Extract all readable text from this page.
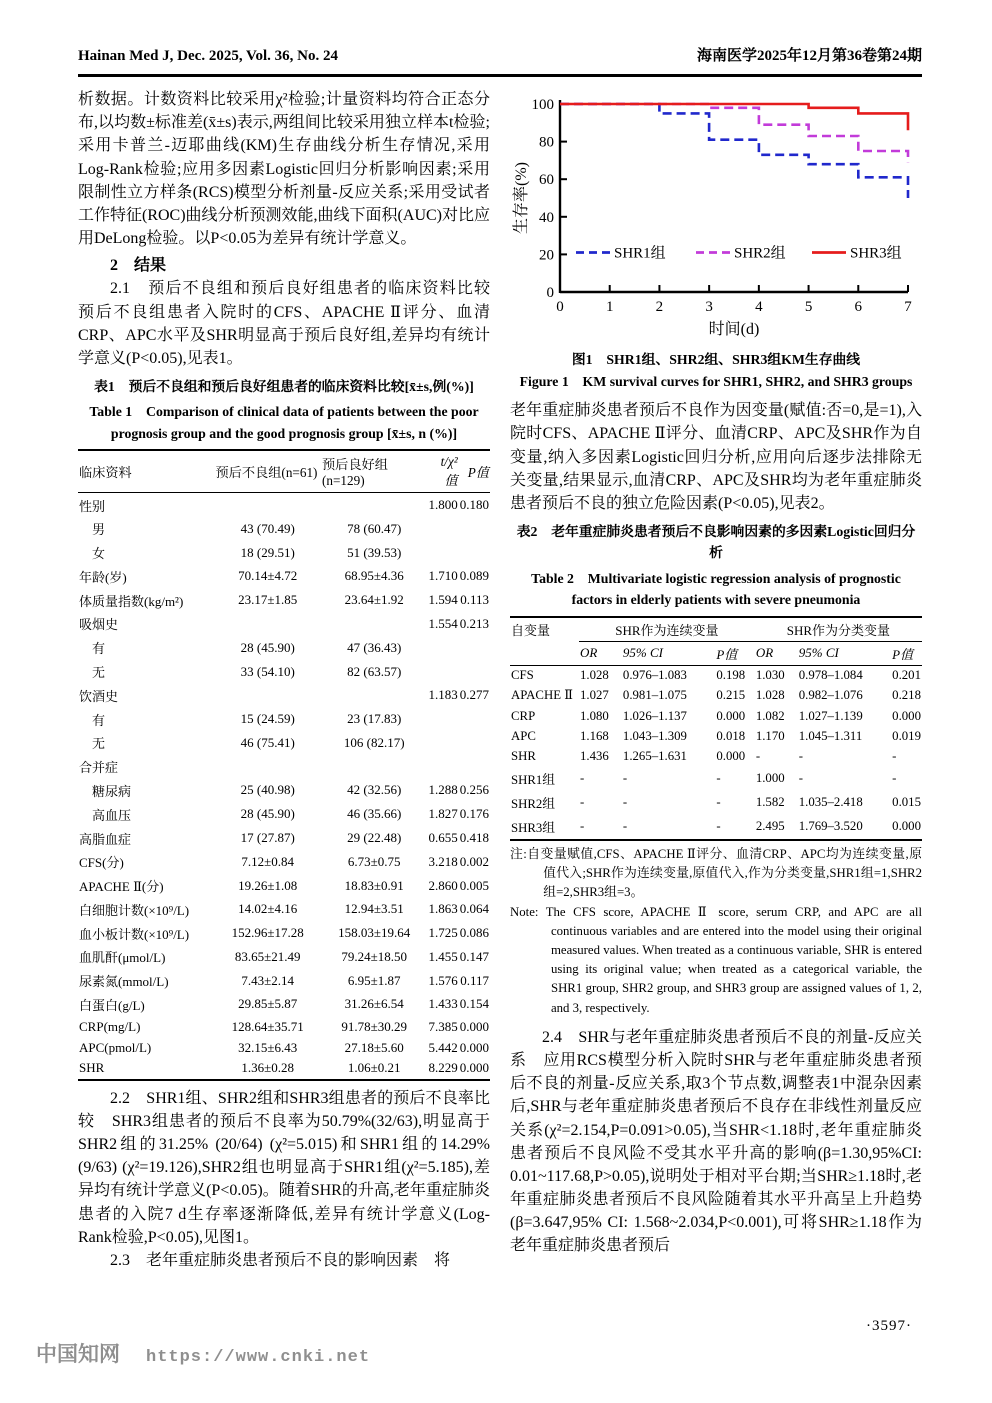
Hainan Med J, Dec. 2025, Vol. 36, No. 24	海南医学2025年12月第36卷第24期

析数据。计数资料比较采用χ²检验;计量资料均符合正态分布,以均数±标准差(x̄±s)表示,两组间比较采用独立样本t检验;采用卡普兰-迈耶曲线(KM)生存曲线分析生存情况,采用Log-Rank检验;应用多因素Logistic回归分析影响因素;采用限制性立方样条(RCS)模型分析剂量-反应关系;采用受试者工作特征(ROC)曲线分析预测效能,曲线下面积(AUC)对比应用DeLong检验。以P<0.05为差异有统计学意义。

2　结果

2.1　预后不良组和预后良好组患者的临床资料比较　预后不良组患者入院时的CFS、APACHE Ⅱ评分、血清CRP、APC水平及SHR明显高于预后良好组,差异均有统计学意义(P<0.05),见表1。

表1　预后不良组和预后良好组患者的临床资料比较[x̄±s,例(%)]
Table 1　Comparison of clinical data of patients between the poor prognosis group and the good prognosis group [x̄±s, n (%)]
临床资料	预后不良组(n=61)	预后良好组(n=129)	t/χ²值	P值
性别			1.800	0.180
男	43 (70.49)	78 (60.47)		
女	18 (29.51)	51 (39.53)		
年龄(岁)	70.14±4.72	68.95±4.36	1.710	0.089
体质量指数(kg/m²)	23.17±1.85	23.64±1.92	1.594	0.113
吸烟史			1.554	0.213
有	28 (45.90)	47 (36.43)		
无	33 (54.10)	82 (63.57)		
饮酒史			1.183	0.277
有	15 (24.59)	23 (17.83)		
无	46 (75.41)	106 (82.17)		
合并症				
糖尿病	25 (40.98)	42 (32.56)	1.288	0.256
高血压	28 (45.90)	46 (35.66)	1.827	0.176
高脂血症	17 (27.87)	29 (22.48)	0.655	0.418
CFS(分)	7.12±0.84	6.73±0.75	3.218	0.002
APACHE Ⅱ(分)	19.26±1.08	18.83±0.91	2.860	0.005
白细胞计数(×10⁹/L)	14.02±4.16	12.94±3.51	1.863	0.064
血小板计数(×10⁹/L)	152.96±17.28	158.03±19.64	1.725	0.086
血肌酐(μmol/L)	83.65±21.49	79.24±18.50	1.455	0.147
尿素氮(mmol/L)	7.43±2.14	6.95±1.87	1.576	0.117
白蛋白(g/L)	29.85±5.87	31.26±6.54	1.433	0.154
CRP(mg/L)	128.64±35.71	91.78±30.29	7.385	0.000
APC(pmol/L)	32.15±6.43	27.18±5.60	5.442	0.000
SHR	1.36±0.28	1.06±0.21	8.229	0.000

2.2　SHR1组、SHR2组和SHR3组患者的预后不良率比较　SHR3组患者的预后不良率为50.79%(32/63),明显高于SHR2组的31.25% (20/64) (χ²=5.015)和SHR1组的14.29% (9/63) (χ²=19.126),SHR2组也明显高于SHR1组(χ²=5.185),差异均有统计学意义(P<0.05)。随着SHR的升高,老年重症肺炎患者的入院7 d生存率逐渐降低,差异有统计学意义(Log-Rank检验,P<0.05),见图1。

2.3　老年重症肺炎患者预后不良的影响因素　将

0
20
40
60
80
100
0	1	2	3	4	5	6	7
时间(d)
生存率(%)
SHR1组	SHR2组	SHR3组
图1　SHR1组、SHR2组、SHR3组KM生存曲线
Figure 1　KM survival curves for SHR1, SHR2, and SHR3 groups

老年重症肺炎患者预后不良作为因变量(赋值:否=0,是=1),入院时CFS、APACHE Ⅱ评分、血清CRP、APC及SHR作为自变量,纳入多因素Logistic回归分析,应用向后逐步法排除无关变量,结果显示,血清CRP、APC及SHR均为老年重症肺炎患者预后不良的独立危险因素(P<0.05),见表2。

表2　老年重症肺炎患者预后不良影响因素的多因素Logistic回归分析
Table 2　Multivariate logistic regression analysis of prognostic factors in elderly patients with severe pneumonia
自变量	SHR作为连续变量			SHR作为分类变量		
	OR	95% CI	P值	OR	95% CI	P值
CFS	1.028	0.976–1.083	0.198	1.030	0.978–1.084	0.201
APACHE Ⅱ	1.027	0.981–1.075	0.215	1.028	0.982–1.076	0.218
CRP	1.080	1.026–1.137	0.000	1.082	1.027–1.139	0.000
APC	1.168	1.043–1.309	0.018	1.170	1.045–1.311	0.019
SHR	1.436	1.265–1.631	0.000	-	-	-
SHR1组	-	-	-	1.000	-	-
SHR2组	-	-	-	1.582	1.035–2.418	0.015
SHR3组	-	-	-	2.495	1.769–3.520	0.000
注:自变量赋值,CFS、APACHE Ⅱ评分、血清CRP、APC均为连续变量,原值代入;SHR作为连续变量,原值代入,作为分类变量,SHR1组=1,SHR2组=2,SHR3组=3。
Note: The CFS score, APACHE Ⅱ score, serum CRP, and APC are all continuous variables and are entered into the model using their original measured values. When treated as a continuous variable, SHR is entered using its original value; when treated as a categorical variable, the SHR1 group, SHR2 group, and SHR3 group are assigned values of 1, 2, and 3, respectively.

2.4　SHR与老年重症肺炎患者预后不良的剂量-反应关系　应用RCS模型分析入院时SHR与老年重症肺炎患者预后不良的剂量-反应关系,取3个节点数,调整表1中混杂因素后,SHR与老年重症肺炎患者预后不良存在非线性剂量反应关系(χ²=2.154,P=0.091>0.05),当SHR<1.18时,老年重症肺炎患者预后不良风险不受其水平升高的影响(β=1.30,95%CI: 0.01~117.68,P>0.05),说明处于相对平台期;当SHR≥1.18时,老年重症肺炎患者预后不良风险随着其水平升高呈上升趋势(β=3.647,95% CI: 1.568~2.034,P<0.001),可将SHR≥1.18作为老年重症肺炎患者预后

·3597·
中国知网 https://www.cnki.net
